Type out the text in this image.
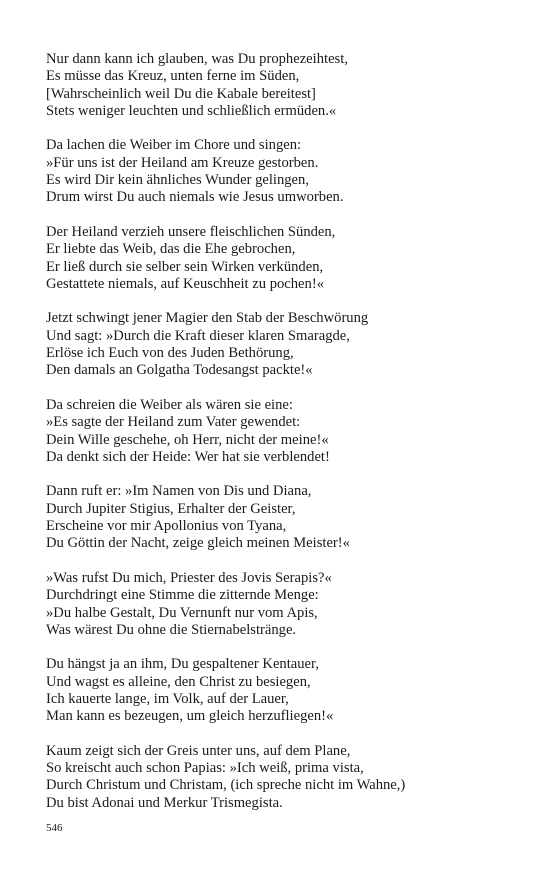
Nur dann kann ich glauben, was Du prophezeihtest,
Es müsse das Kreuz, unten ferne im Süden,
[Wahrscheinlich weil Du die Kabale bereitest]
Stets weniger leuchten und schließlich ermüden.«
Da lachen die Weiber im Chore und singen:
»Für uns ist der Heiland am Kreuze gestorben.
Es wird Dir kein ähnliches Wunder gelingen,
Drum wirst Du auch niemals wie Jesus umworben.
Der Heiland verzieh unsere fleischlichen Sünden,
Er liebte das Weib, das die Ehe gebrochen,
Er ließ durch sie selber sein Wirken verkünden,
Gestattete niemals, auf Keuschheit zu pochen!«
Jetzt schwingt jener Magier den Stab der Beschwörung
Und sagt: »Durch die Kraft dieser klaren Smaragde,
Erlöse ich Euch von des Juden Bethörung,
Den damals an Golgatha Todesangst packte!«
Da schreien die Weiber als wären sie eine:
»Es sagte der Heiland zum Vater gewendet:
Dein Wille geschehe, oh Herr, nicht der meine!«
Da denkt sich der Heide: Wer hat sie verblendet!
Dann ruft er: »Im Namen von Dis und Diana,
Durch Jupiter Stigius, Erhalter der Geister,
Erscheine vor mir Apollonius von Tyana,
Du Göttin der Nacht, zeige gleich meinen Meister!«
»Was rufst Du mich, Priester des Jovis Serapis?«
Durchdringt eine Stimme die zitternde Menge:
»Du halbe Gestalt, Du Vernunft nur vom Apis,
Was wärest Du ohne die Stiernabelstränge.
Du hängst ja an ihm, Du gespaltener Kentauer,
Und wagst es alleine, den Christ zu besiegen,
Ich kauerte lange, im Volk, auf der Lauer,
Man kann es bezeugen, um gleich herzufliegen!«
Kaum zeigt sich der Greis unter uns, auf dem Plane,
So kreischt auch schon Papias: »Ich weiß, prima vista,
Durch Christum und Christam, (ich spreche nicht im Wahne,)
Du bist Adonai und Merkur Trismegista.
546
